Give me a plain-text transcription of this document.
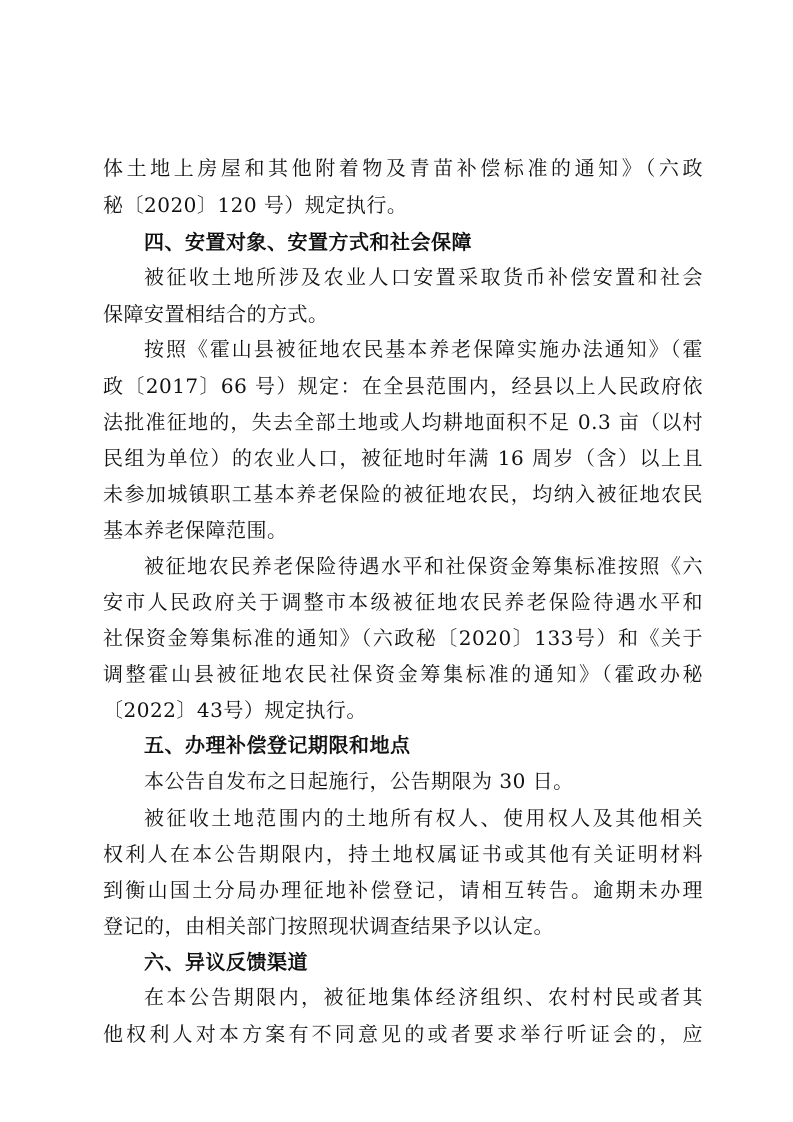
体土地上房屋和其他附着物及青苗补偿标准的通知》（六政
秘〔2020〕120 号）规定执行。
四、安置对象、安置方式和社会保障
被征收土地所涉及农业人口安置采取货币补偿安置和社会
保障安置相结合的方式。
按照《霍山县被征地农民基本养老保障实施办法通知》（霍
政〔2017〕66 号）规定：在全县范围内，经县以上人民政府依
法批准征地的，失去全部土地或人均耕地面积不足 0.3 亩（以村
民组为单位）的农业人口，被征地时年满 16 周岁（含）以上且
未参加城镇职工基本养老保险的被征地农民，均纳入被征地农民
基本养老保障范围。
被征地农民养老保险待遇水平和社保资金筹集标准按照《六
安市人民政府关于调整市本级被征地农民养老保险待遇水平和
社保资金筹集标准的通知》（六政秘〔2020〕133号）和《关于
调整霍山县被征地农民社保资金筹集标准的通知》（霍政办秘
〔2022〕43号）规定执行。
五、办理补偿登记期限和地点
本公告自发布之日起施行，公告期限为 30 日。
被征收土地范围内的土地所有权人、使用权人及其他相关
权利人在本公告期限内，持土地权属证书或其他有关证明材料
到衡山国土分局办理征地补偿登记，请相互转告。逾期未办理
登记的，由相关部门按照现状调查结果予以认定。
六、异议反馈渠道
在本公告期限内，被征地集体经济组织、农村村民或者其
他权利人对本方案有不同意见的或者要求举行听证会的，应
